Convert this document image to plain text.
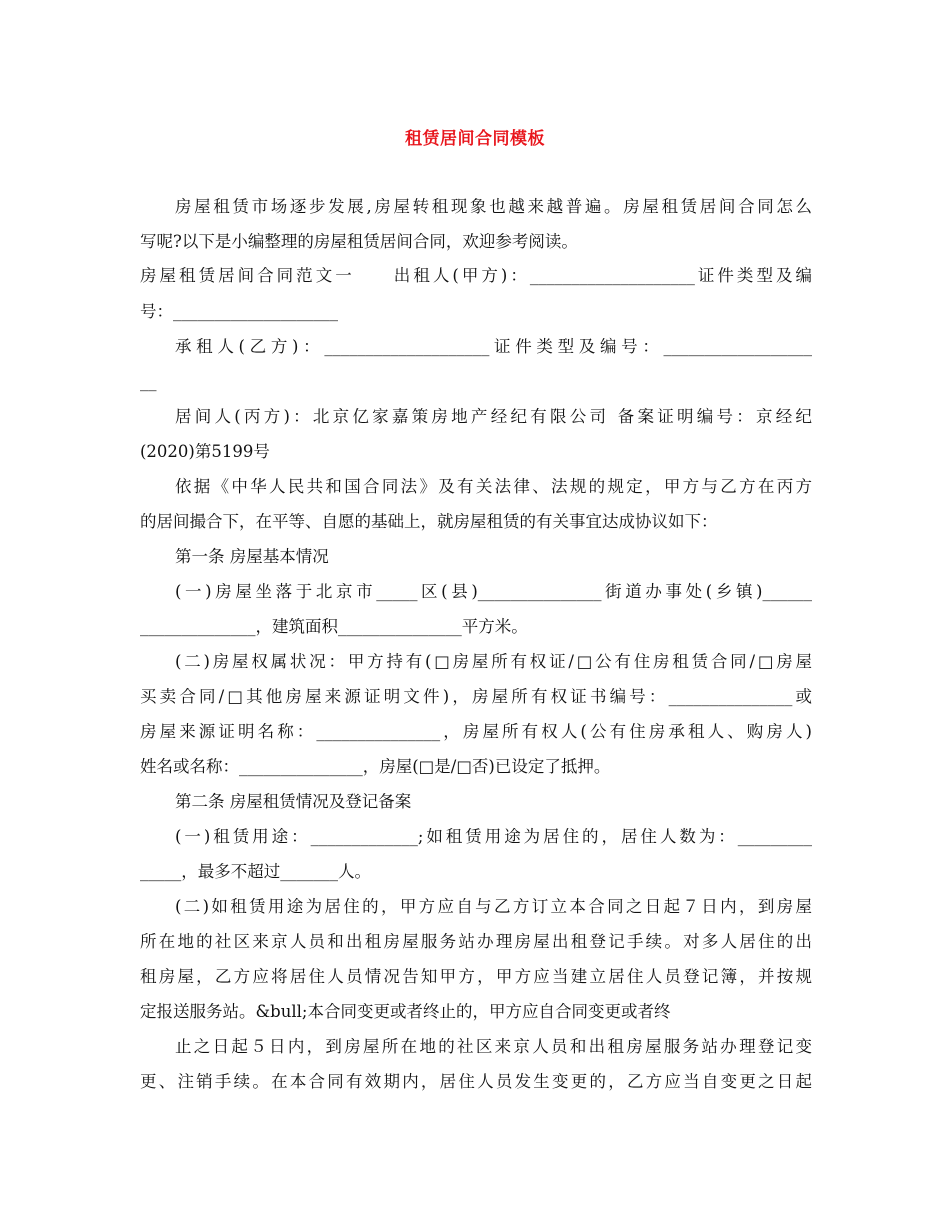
租赁居间合同模板
房屋租赁市场逐步发展,房屋转租现象也越来越普遍。房屋租赁居间合同怎么
写呢?以下是小编整理的房屋租赁居间合同，欢迎参考阅读。
房屋租赁居间合同范文一　　出租人(甲方)：____________________证件类型及编
号：____________________
承租人(乙方)：____________________证件类型及编号：__________________
__
居间人(丙方)：北京亿家嘉策房地产经纪有限公司 备案证明编号：京经纪
(2020)第5199号
依据《中华人民共和国合同法》及有关法律、法规的规定，甲方与乙方在丙方
的居间撮合下，在平等、自愿的基础上，就房屋租赁的有关事宜达成协议如下：
第一条 房屋基本情况
(一)房屋坐落于北京市_____区(县)_______________街道办事处(乡镇)______
______________，建筑面积_______________平方米。
(二)房屋权属状况：甲方持有(□房屋所有权证/□公有住房租赁合同/□房屋
买卖合同/□其他房屋来源证明文件)，房屋所有权证书编号：_______________或
房屋来源证明名称：_______________，房屋所有权人(公有住房承租人、购房人)
姓名或名称：_______________，房屋(□是/□否)已设定了抵押。
第二条 房屋租赁情况及登记备案
(一)租赁用途：_____________;如租赁用途为居住的，居住人数为：_________
_____，最多不超过_______人。
(二)如租赁用途为居住的，甲方应自与乙方订立本合同之日起７日内，到房屋
所在地的社区来京人员和出租房屋服务站办理房屋出租登记手续。对多人居住的出
租房屋，乙方应将居住人员情况告知甲方，甲方应当建立居住人员登记簿，并按规
定报送服务站。&bull;本合同变更或者终止的，甲方应自合同变更或者终
止之日起５日内，到房屋所在地的社区来京人员和出租房屋服务站办理登记变
更、注销手续。在本合同有效期内，居住人员发生变更的，乙方应当自变更之日起
